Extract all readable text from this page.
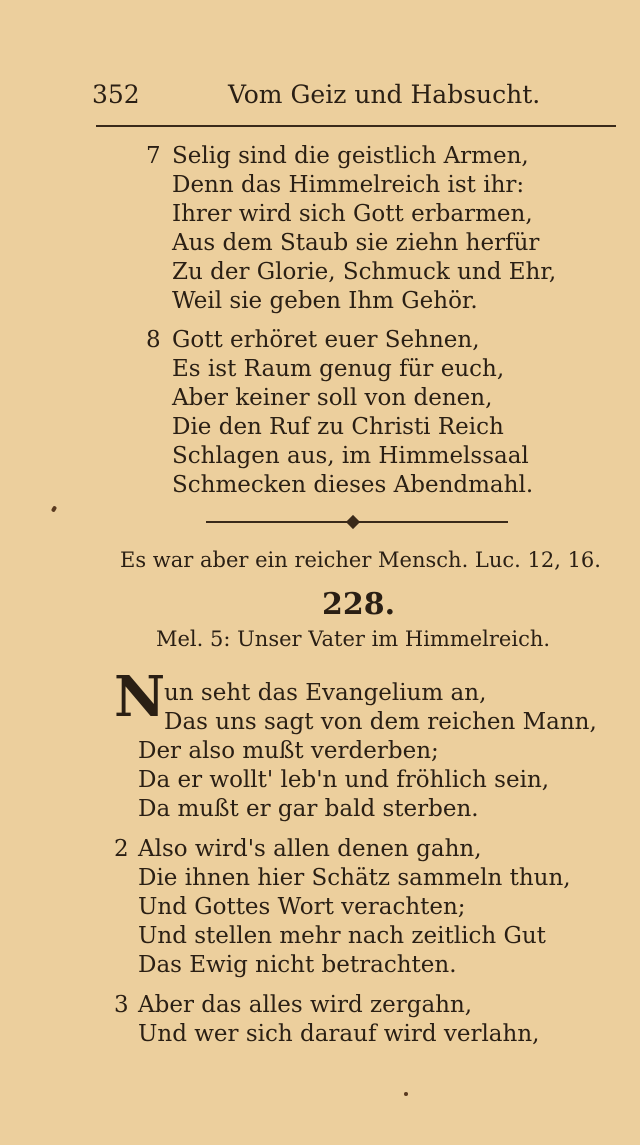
352	Vom Geiz und Habsucht.
7 Selig sind die geistlich Armen,
Denn das Himmelreich ist ihr:
Ihrer wird sich Gott erbarmen,
Aus dem Staub sie ziehn herfür
Zu der Glorie, Schmuck und Ehr,
Weil sie geben Ihm Gehör.
8 Gott erhöret euer Sehnen,
Es ist Raum genug für euch,
Aber keiner soll von denen,
Die den Ruf zu Christi Reich
Schlagen aus, im Himmelssaal
Schmecken dieses Abendmahl.
Es war aber ein reicher Mensch. Luc. 12, 16.
228.
Mel. 5: Unser Vater im Himmelreich.
N
un seht das Evangelium an,
Das uns sagt von dem reichen Mann,
Der also mußt verderben;
Da er wollt' leb'n und fröhlich sein,
Da mußt er gar bald sterben.
2 Also wird's allen denen gahn,
Die ihnen hier Schätz sammeln thun,
Und Gottes Wort verachten;
Und stellen mehr nach zeitlich Gut
Das Ewig nicht betrachten.
3 Aber das alles wird zergahn,
Und wer sich darauf wird verlahn,
